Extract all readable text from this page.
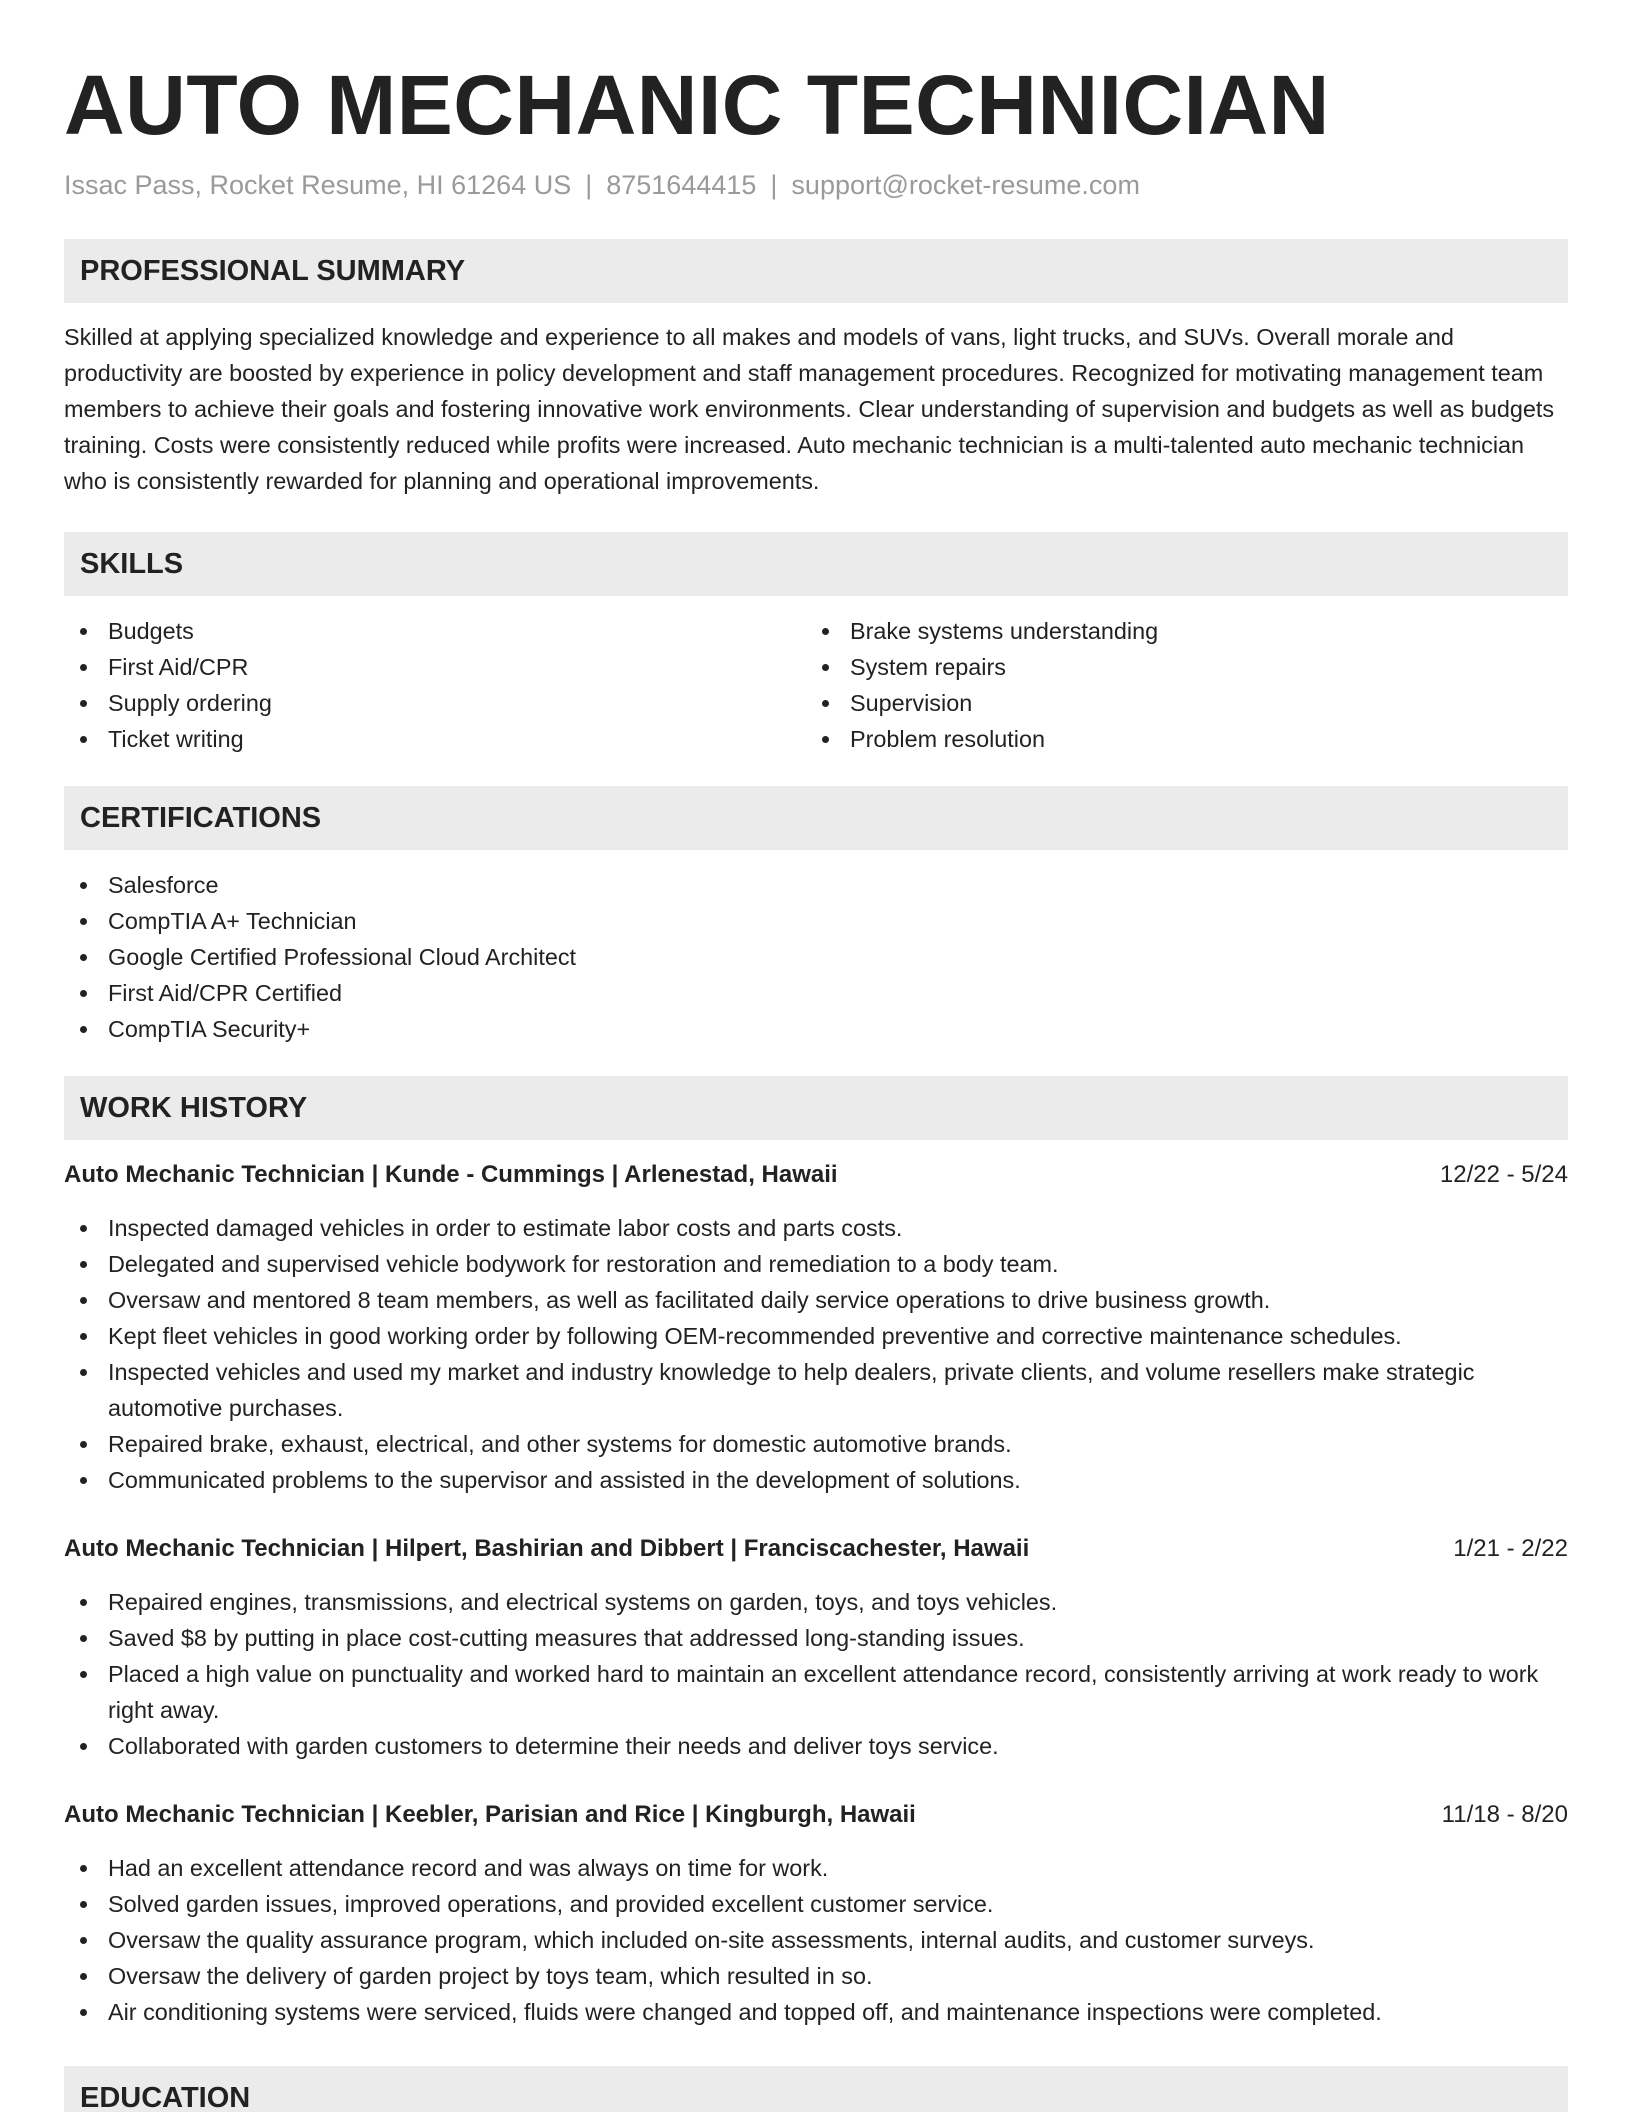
AUTO MECHANIC TECHNICIAN
Issac Pass, Rocket Resume, HI 61264 US | 8751644415 | support@rocket-resume.com
PROFESSIONAL SUMMARY

Skilled at applying specialized knowledge and experience to all makes and models of vans, light trucks, and SUVs. Overall morale and productivity are boosted by experience in policy development and staff management procedures. Recognized for motivating management team members to achieve their goals and fostering innovative work environments. Clear understanding of supervision and budgets as well as budgets training. Costs were consistently reduced while profits were increased. Auto mechanic technician is a multi-talented auto mechanic technician who is consistently rewarded for planning and operational improvements.

SKILLS
Budgets
First Aid/CPR
Supply ordering
Ticket writing
Brake systems understanding
System repairs
Supervision
Problem resolution
CERTIFICATIONS
Salesforce
CompTIA A+ Technician
Google Certified Professional Cloud Architect
First Aid/CPR Certified
CompTIA Security+
WORK HISTORY
Auto Mechanic Technician | Kunde - Cummings | Arlenestad, Hawaii	12/22 - 5/24
Inspected damaged vehicles in order to estimate labor costs and parts costs.
Delegated and supervised vehicle bodywork for restoration and remediation to a body team.
Oversaw and mentored 8 team members, as well as facilitated daily service operations to drive business growth.
Kept fleet vehicles in good working order by following OEM-recommended preventive and corrective maintenance schedules.
Inspected vehicles and used my market and industry knowledge to help dealers, private clients, and volume resellers make strategic automotive purchases.
Repaired brake, exhaust, electrical, and other systems for domestic automotive brands.
Communicated problems to the supervisor and assisted in the development of solutions.
Auto Mechanic Technician | Hilpert, Bashirian and Dibbert | Franciscachester, Hawaii	1/21 - 2/22
Repaired engines, transmissions, and electrical systems on garden, toys, and toys vehicles.
Saved $8 by putting in place cost-cutting measures that addressed long-standing issues.
Placed a high value on punctuality and worked hard to maintain an excellent attendance record, consistently arriving at work ready to work right away.
Collaborated with garden customers to determine their needs and deliver toys service.
Auto Mechanic Technician | Keebler, Parisian and Rice | Kingburgh, Hawaii	11/18 - 8/20
Had an excellent attendance record and was always on time for work.
Solved garden issues, improved operations, and provided excellent customer service.
Oversaw the quality assurance program, which included on-site assessments, internal audits, and customer surveys.
Oversaw the delivery of garden project by toys team, which resulted in so.
Air conditioning systems were serviced, fluids were changed and topped off, and maintenance inspections were completed.
EDUCATION
